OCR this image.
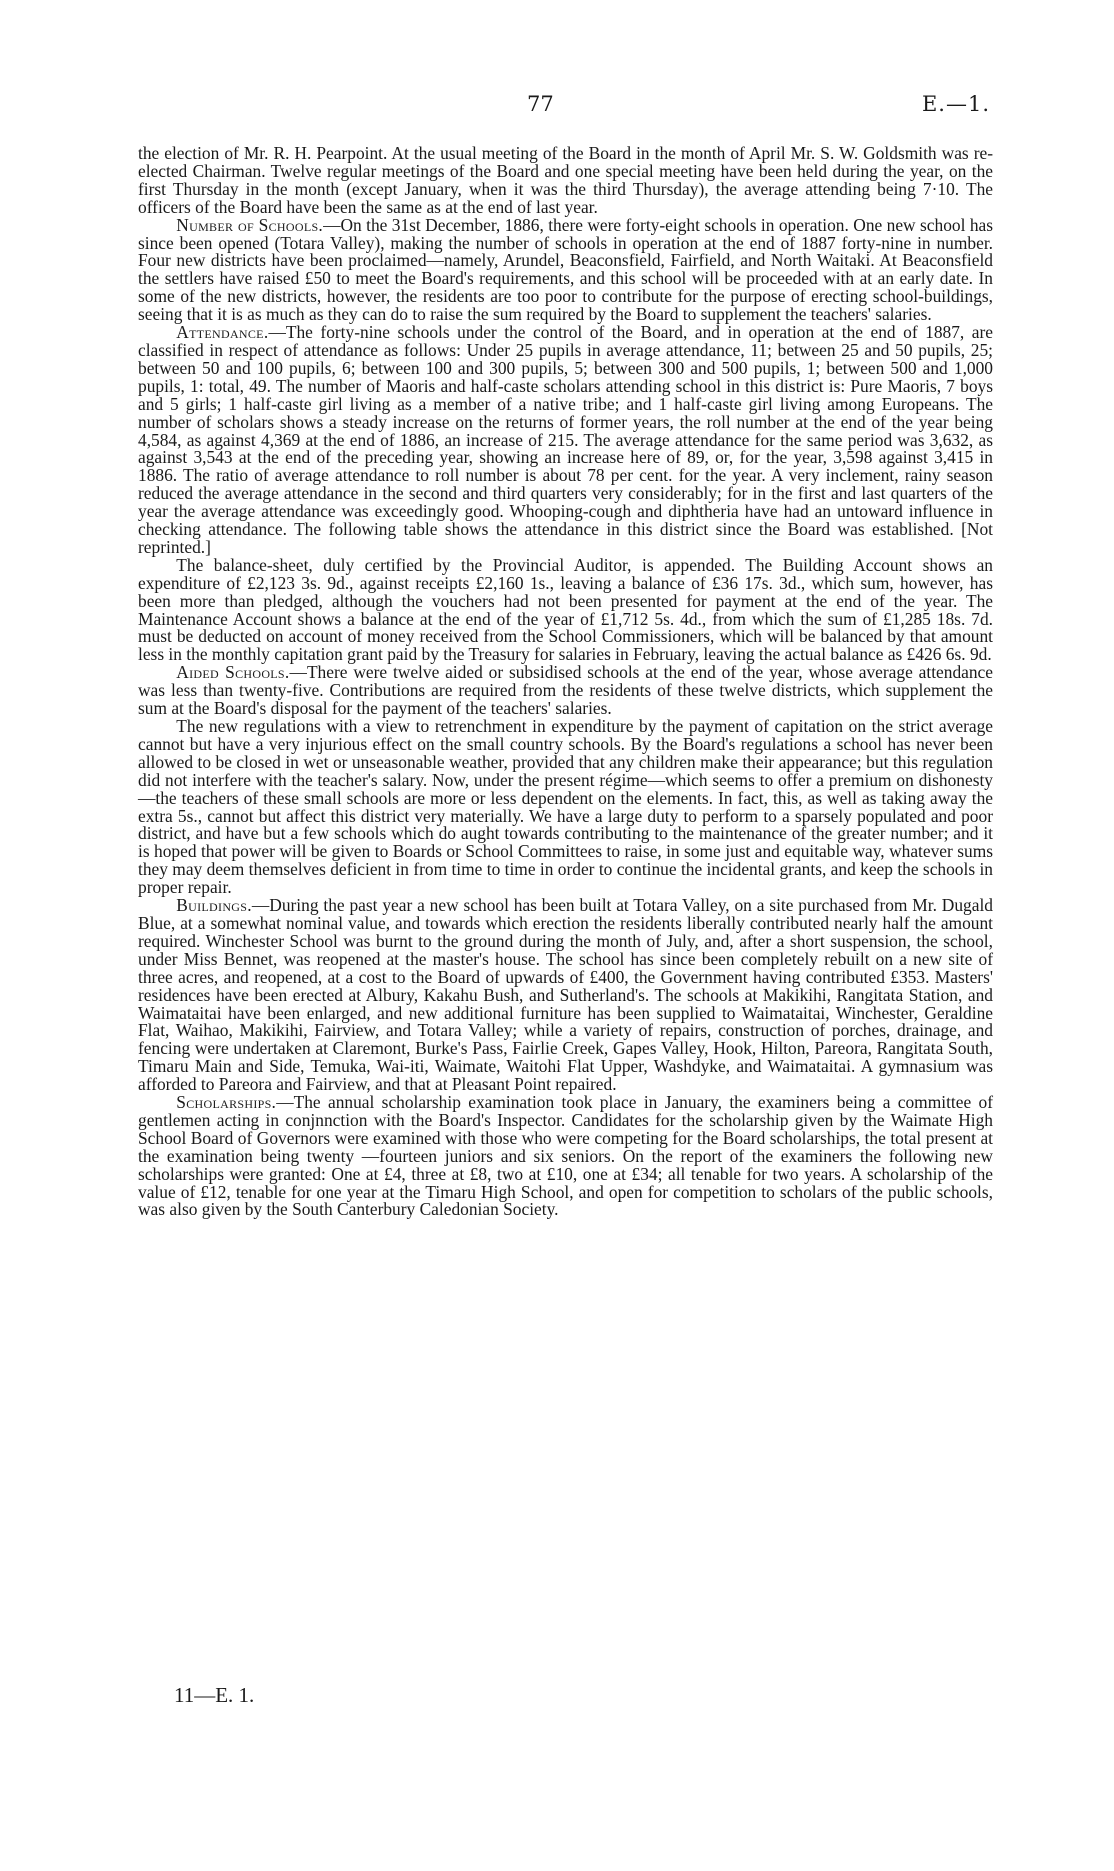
77	E.—1.

the election of Mr. R. H. Pearpoint. At the usual meeting of the Board in the month of April Mr. S. W. Goldsmith was re-elected Chairman. Twelve regular meetings of the Board and one special meeting have been held during the year, on the first Thursday in the month (except January, when it was the third Thursday), the average attending being 7·10. The officers of the Board have been the same as at the end of last year.

Number of Schools.—On the 31st December, 1886, there were forty-eight schools in operation. One new school has since been opened (Totara Valley), making the number of schools in operation at the end of 1887 forty-nine in number. Four new districts have been proclaimed—namely, Arundel, Beaconsfield, Fairfield, and North Waitaki. At Beaconsfield the settlers have raised £50 to meet the Board's requirements, and this school will be proceeded with at an early date. In some of the new districts, however, the residents are too poor to contribute for the purpose of erecting school-buildings, seeing that it is as much as they can do to raise the sum required by the Board to supplement the teachers' salaries.

Attendance.—The forty-nine schools under the control of the Board, and in operation at the end of 1887, are classified in respect of attendance as follows: Under 25 pupils in average attendance, 11; between 25 and 50 pupils, 25; between 50 and 100 pupils, 6; between 100 and 300 pupils, 5; between 300 and 500 pupils, 1; between 500 and 1,000 pupils, 1: total, 49. The number of Maoris and half-caste scholars attending school in this district is: Pure Maoris, 7 boys and 5 girls; 1 half-caste girl living as a member of a native tribe; and 1 half-caste girl living among Europeans. The number of scholars shows a steady increase on the returns of former years, the roll number at the end of the year being 4,584, as against 4,369 at the end of 1886, an increase of 215. The average attendance for the same period was 3,632, as against 3,543 at the end of the preceding year, showing an increase here of 89, or, for the year, 3,598 against 3,415 in 1886. The ratio of average attendance to roll number is about 78 per cent. for the year. A very inclement, rainy season reduced the average attendance in the second and third quarters very considerably; for in the first and last quarters of the year the average attendance was exceedingly good. Whooping-cough and diphtheria have had an untoward influence in checking attendance. The following table shows the attendance in this district since the Board was established. [Not reprinted.]

The balance-sheet, duly certified by the Provincial Auditor, is appended. The Building Account shows an expenditure of £2,123 3s. 9d., against receipts £2,160 1s., leaving a balance of £36 17s. 3d., which sum, however, has been more than pledged, although the vouchers had not been presented for payment at the end of the year. The Maintenance Account shows a balance at the end of the year of £1,712 5s. 4d., from which the sum of £1,285 18s. 7d. must be deducted on account of money received from the School Commissioners, which will be balanced by that amount less in the monthly capitation grant paid by the Treasury for salaries in February, leaving the actual balance as £426 6s. 9d.

Aided Schools.—There were twelve aided or subsidised schools at the end of the year, whose average attendance was less than twenty-five. Contributions are required from the residents of these twelve districts, which supplement the sum at the Board's disposal for the payment of the teachers' salaries.

The new regulations with a view to retrenchment in expenditure by the payment of capitation on the strict average cannot but have a very injurious effect on the small country schools. By the Board's regulations a school has never been allowed to be closed in wet or unseasonable weather, provided that any children make their appearance; but this regulation did not interfere with the teacher's salary. Now, under the present régime—which seems to offer a premium on dishonesty—the teachers of these small schools are more or less dependent on the elements. In fact, this, as well as taking away the extra 5s., cannot but affect this district very materially. We have a large duty to perform to a sparsely populated and poor district, and have but a few schools which do aught towards contributing to the maintenance of the greater number; and it is hoped that power will be given to Boards or School Committees to raise, in some just and equitable way, whatever sums they may deem themselves deficient in from time to time in order to continue the incidental grants, and keep the schools in proper repair.

Buildings.—During the past year a new school has been built at Totara Valley, on a site purchased from Mr. Dugald Blue, at a somewhat nominal value, and towards which erection the residents liberally contributed nearly half the amount required. Winchester School was burnt to the ground during the month of July, and, after a short suspension, the school, under Miss Bennet, was reopened at the master's house. The school has since been completely rebuilt on a new site of three acres, and reopened, at a cost to the Board of upwards of £400, the Government having contributed £353. Masters' residences have been erected at Albury, Kakahu Bush, and Sutherland's. The schools at Makikihi, Rangitata Station, and Waimataitai have been enlarged, and new additional furniture has been supplied to Waimataitai, Winchester, Geraldine Flat, Waihao, Makikihi, Fairview, and Totara Valley; while a variety of repairs, construction of porches, drainage, and fencing were undertaken at Claremont, Burke's Pass, Fairlie Creek, Gapes Valley, Hook, Hilton, Pareora, Rangitata South, Timaru Main and Side, Temuka, Wai-iti, Waimate, Waitohi Flat Upper, Washdyke, and Waimataitai. A gymnasium was afforded to Pareora and Fairview, and that at Pleasant Point repaired.

Scholarships.—The annual scholarship examination took place in January, the examiners being a committee of gentlemen acting in conjnnction with the Board's Inspector. Candidates for the scholarship given by the Waimate High School Board of Governors were examined with those who were competing for the Board scholarships, the total present at the examination being twenty —fourteen juniors and six seniors. On the report of the examiners the following new scholarships were granted: One at £4, three at £8, two at £10, one at £34; all tenable for two years. A scholarship of the value of £12, tenable for one year at the Timaru High School, and open for competition to scholars of the public schools, was also given by the South Canterbury Caledonian Society.

11—E. 1.
